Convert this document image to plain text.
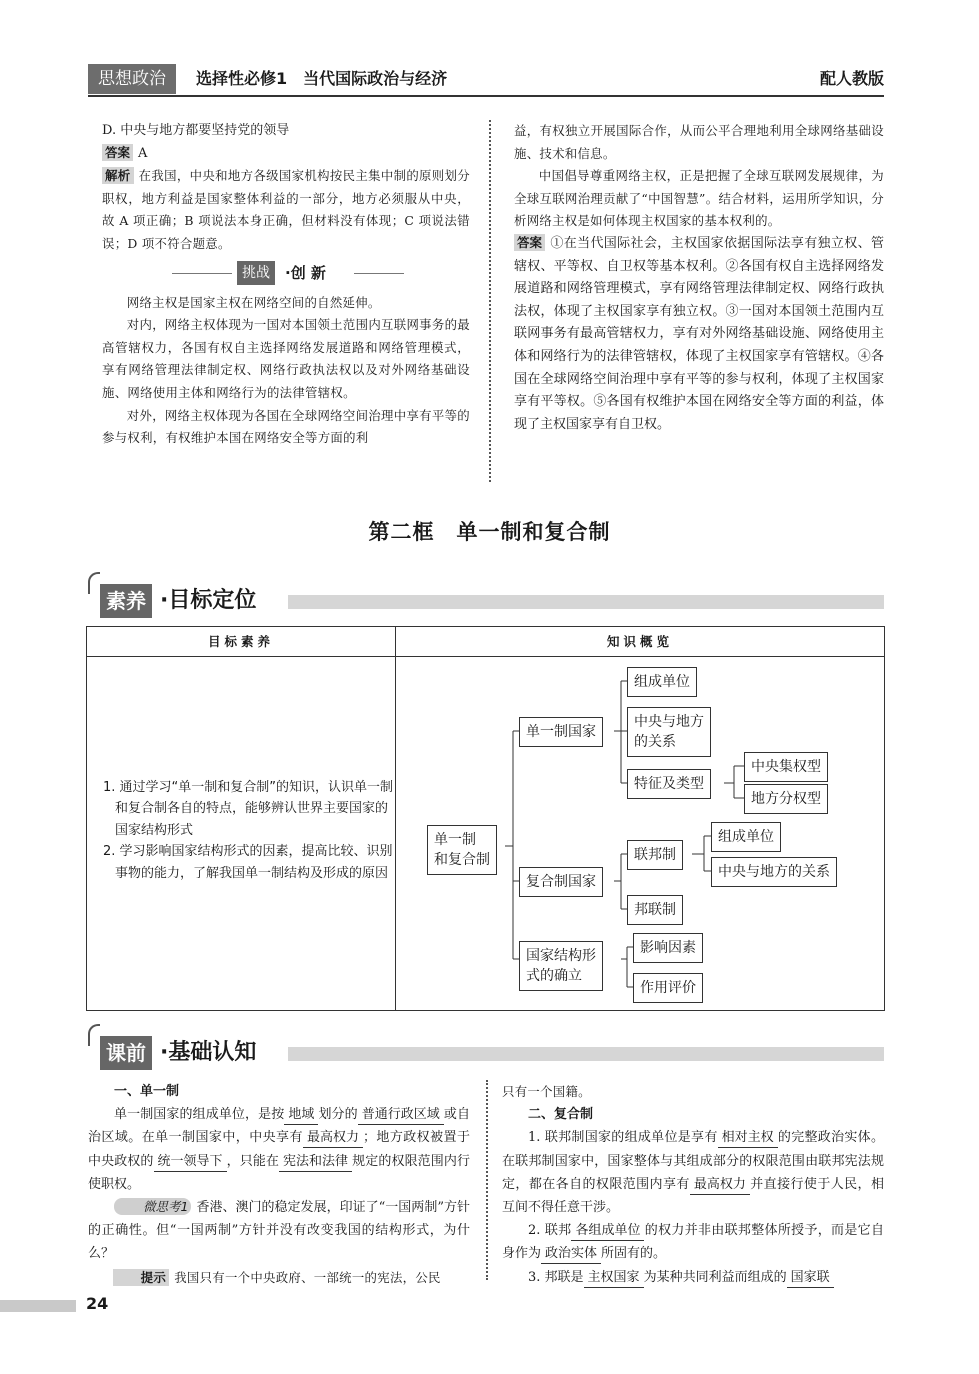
思想政治	选择性必修1　当代国际政治与经济	配人教版

D. 中央与地方都要坚持党的领导

答案 A

解析 在我国，中央和地方各级国家机构按民主集中制的原则划分职权，地方利益是国家整体利益的一部分，地方必须服从中央，故 A 项正确；B 项说法本身正确，但材料没有体现；C 项说法错误；D 项不符合题意。

挑战	·创 新

网络主权是国家主权在网络空间的自然延伸。

对内，网络主权体现为一国对本国领土范围内互联网事务的最高管辖权力，各国有权自主选择网络发展道路和网络管理模式，享有网络管理法律制定权、网络行政执法权以及对外网络基础设施、网络使用主体和网络行为的法律管辖权。

对外，网络主权体现为各国在全球网络空间治理中享有平等的参与权利，有权维护本国在网络安全等方面的利

益，有权独立开展国际合作，从而公平合理地利用全球网络基础设施、技术和信息。

中国倡导尊重网络主权，正是把握了全球互联网发展规律，为全球互联网治理贡献了“中国智慧”。结合材料，运用所学知识，分析网络主权是如何体现主权国家的基本权利的。

答案 ①在当代国际社会，主权国家依据国际法享有独立权、管辖权、平等权、自卫权等基本权利。②各国有权自主选择网络发展道路和网络管理模式，享有网络管理法律制定权、网络行政执法权，体现了主权国家享有独立权。③一国对本国领土范围内互联网事务有最高管辖权力，享有对外网络基础设施、网络使用主体和网络行为的法律管辖权，体现了主权国家享有管辖权。④各国在全球网络空间治理中享有平等的参与权利，体现了主权国家享有平等权。⑤各国有权维护本国在网络安全等方面的利益，体现了主权国家享有自卫权。

第二框　单一制和复合制
素养 ·目标定位
目标素养	知识概览

1. 通过学习“单一制和复合制”的知识，认识单一制和复合制各自的特点，能够辨认世界主要国家的国家结构形式

2. 学习影响国家结构形式的因素，提高比较、识别事物的能力，了解我国单一制结构及形成的原因

单一制
和复合制
单一制国家
组成单位
中央与地方
的关系
特征及类型
中央集权型
地方分权型
复合制国家
联邦制
组成单位
中央与地方的关系
邦联制
国家结构形
式的确立
影响因素
作用评价
课前 ·基础认知

一、单一制

单一制国家的组成单位，是按 地域 划分的 普通行政区域 或自治区域。在单一制国家中，中央享有 最高权力 ；地方政权被置于中央政权的 统一领导下 ，只能在 宪法和法律 规定的权限范围内行使职权。

微思考1 香港、澳门的稳定发展，印证了“一国两制”方针的正确性。但“一国两制”方针并没有改变我国的结构形式，为什么？

提示 我国只有一个中央政府、一部统一的宪法，公民

只有一个国籍。

二、复合制

1. 联邦制国家的组成单位是享有 相对主权 的完整政治实体。在联邦制国家中，国家整体与其组成部分的权限范围由联邦宪法规定，都在各自的权限范围内享有 最高权力 并直接行使于人民，相互间不得任意干涉。

2. 联邦 各组成单位 的权力并非由联邦整体所授予，而是它自身作为 政治实体 所固有的。

3. 邦联是 主权国家 为某种共同利益而组成的 国家联

24
